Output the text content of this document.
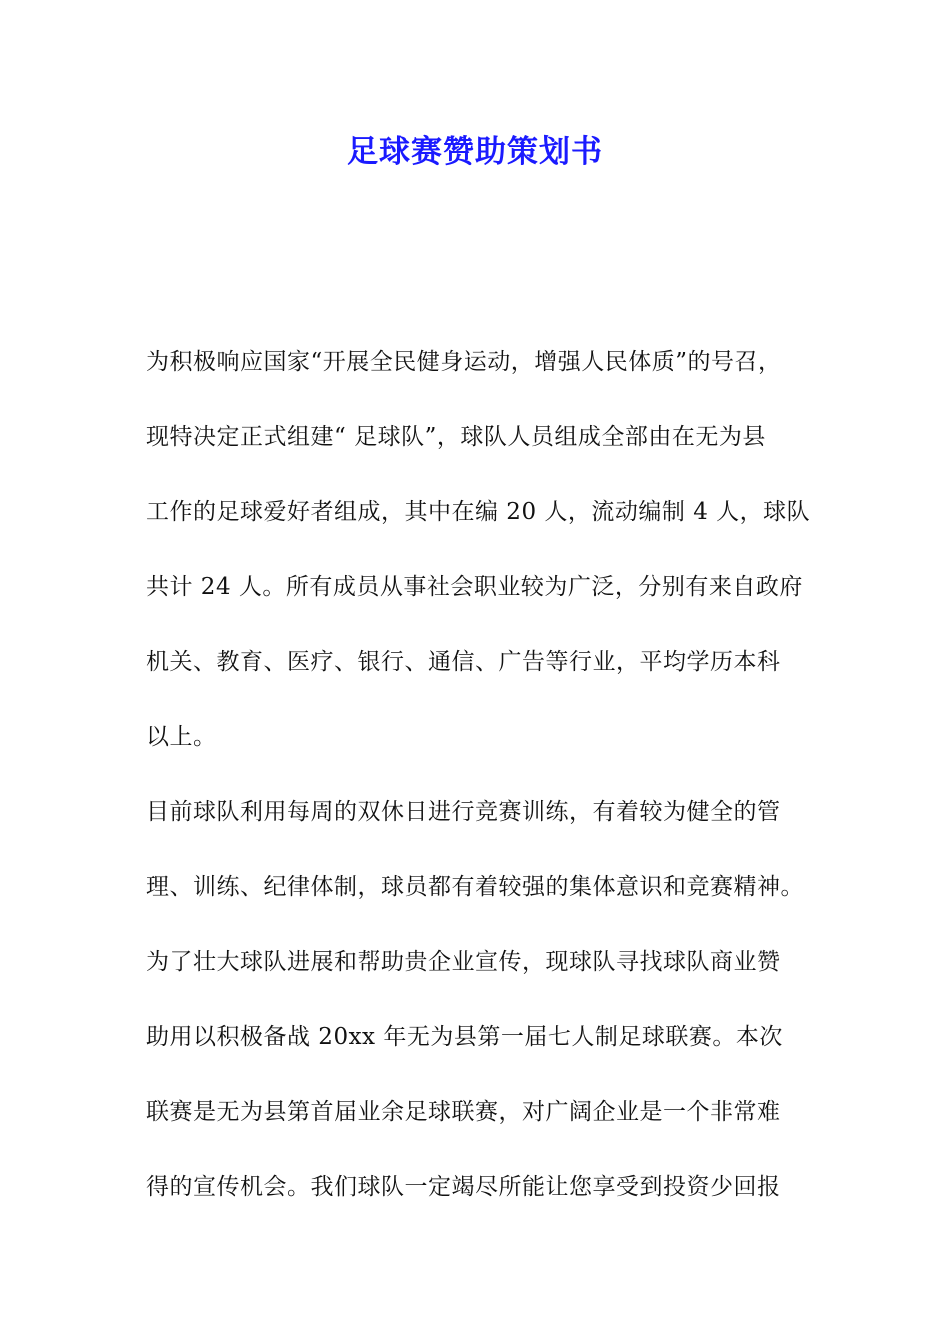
足球赛赞助策划书
为积极响应国家“开展全民健身运动，增强人民体质”的号召，
现特决定正式组建“ 足球队”，球队人员组成全部由在无为县
工作的足球爱好者组成，其中在编 20 人，流动编制 4 人，球队
共计 24 人。所有成员从事社会职业较为广泛，分别有来自政府
机关、教育、医疗、银行、通信、广告等行业，平均学历本科
以上。
目前球队利用每周的双休日进行竞赛训练，有着较为健全的管
理、训练、纪律体制，球员都有着较强的集体意识和竞赛精神。
为了壮大球队进展和帮助贵企业宣传，现球队寻找球队商业赞
助用以积极备战 20xx 年无为县第一届七人制足球联赛。本次
联赛是无为县第首届业余足球联赛，对广阔企业是一个非常难
得的宣传机会。我们球队一定竭尽所能让您享受到投资少回报
